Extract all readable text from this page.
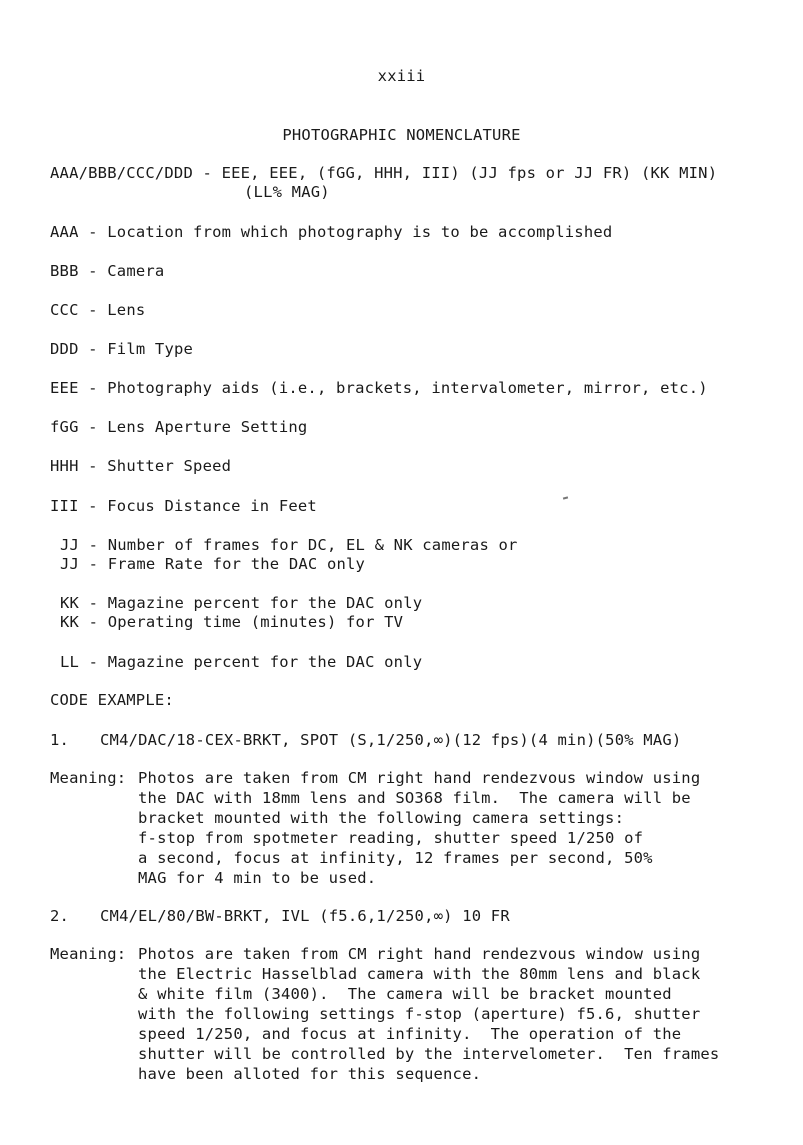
xxiii
PHOTOGRAPHIC NOMENCLATURE
AAA/BBB/CCC/DDD - EEE, EEE, (fGG, HHH, III) (JJ fps or JJ FR) (KK MIN)
(LL% MAG)
AAA - Location from which photography is to be accomplished
BBB - Camera
CCC - Lens
DDD - Film Type
EEE - Photography aids (i.e., brackets, intervalometer, mirror, etc.)
fGG - Lens Aperture Setting
HHH - Shutter Speed
III - Focus Distance in Feet
JJ - Number of frames for DC, EL & NK cameras or
JJ - Frame Rate for the DAC only
KK - Magazine percent for the DAC only
KK - Operating time (minutes) for TV
LL - Magazine percent for the DAC only
CODE EXAMPLE:
1. CM4/DAC/18-CEX-BRKT, SPOT (S,1/250,∞)(12 fps)(4 min)(50% MAG)
Meaning: Photos are taken from CM right hand rendezvous window using
the DAC with 18mm lens and SO368 film.  The camera will be
bracket mounted with the following camera settings:
f-stop from spotmeter reading, shutter speed 1/250 of
a second, focus at infinity, 12 frames per second, 50%
MAG for 4 min to be used.
2. CM4/EL/80/BW-BRKT, IVL (f5.6,1/250,∞) 10 FR
Meaning: Photos are taken from CM right hand rendezvous window using
the Electric Hasselblad camera with the 80mm lens and black
& white film (3400).  The camera will be bracket mounted
with the following settings f-stop (aperture) f5.6, shutter
speed 1/250, and focus at infinity.  The operation of the
shutter will be controlled by the intervelometer.  Ten frames
have been alloted for this sequence.
